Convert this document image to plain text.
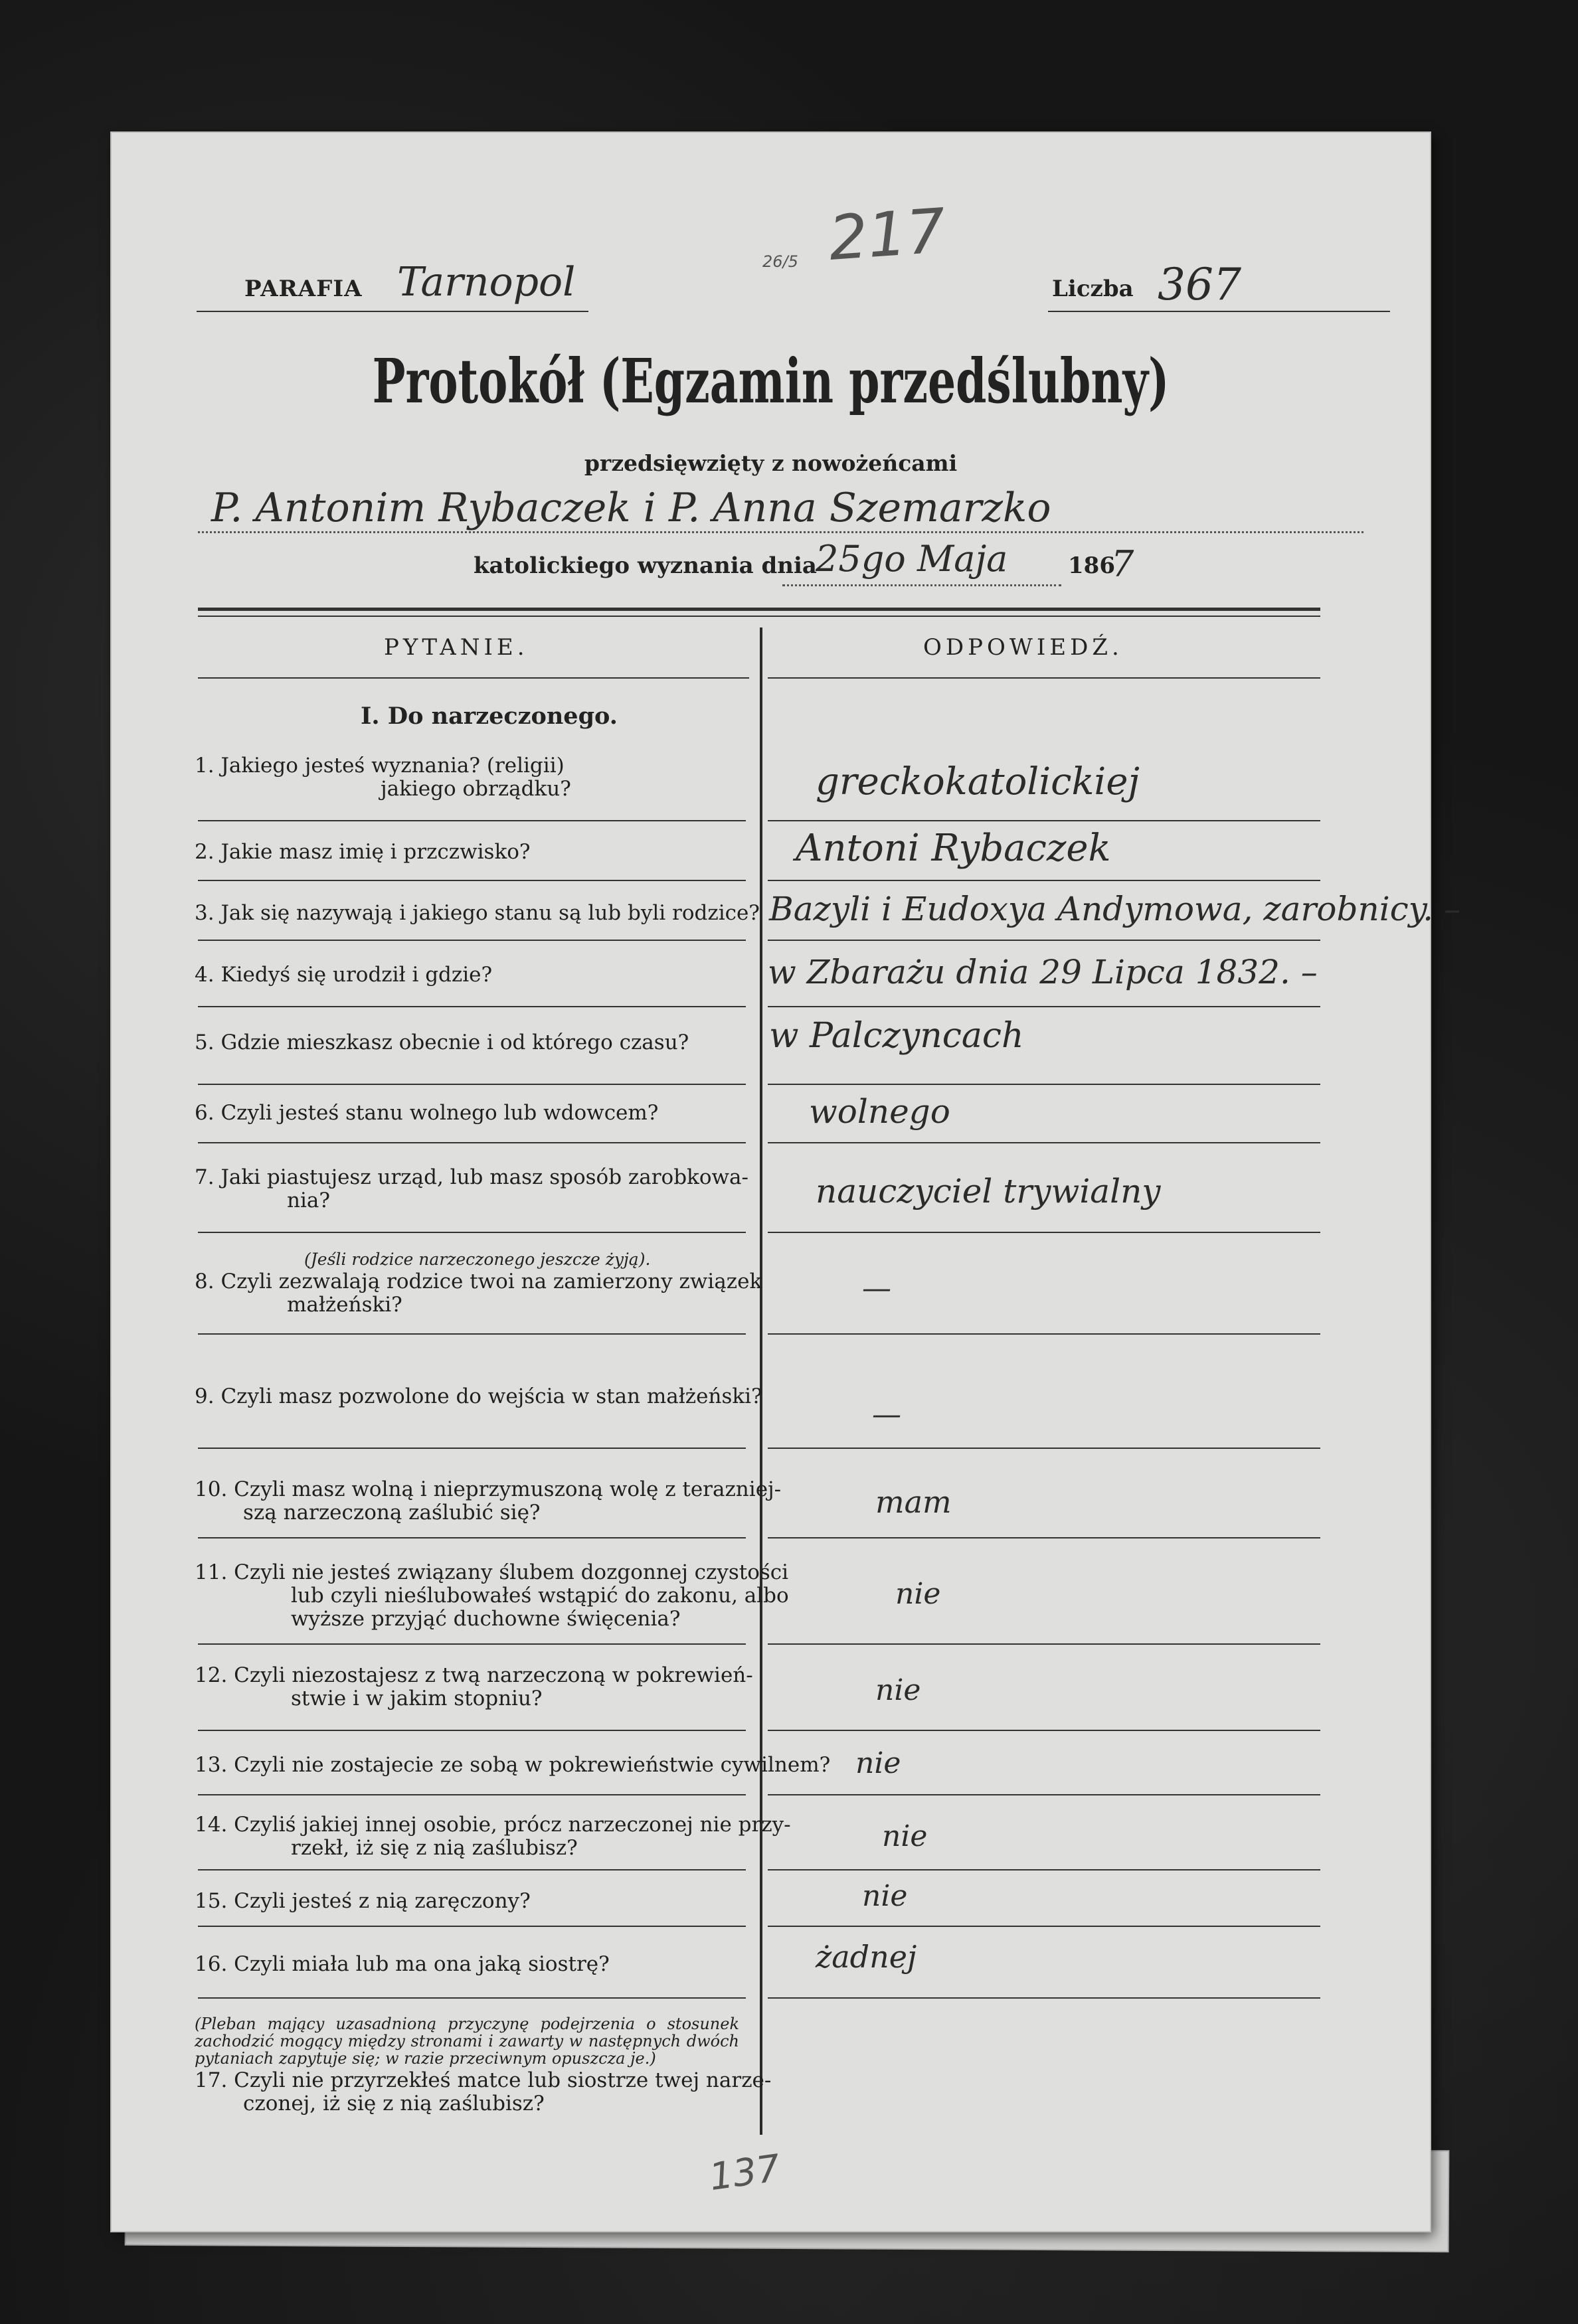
217
26/5
PARAFIA Tarnopol	Liczba 367
Protokół (Egzamin przedślubny)
przedsięwzięty z nowożeńcami
P. Antonim Rybaczek i P. Anna Szemarzko
katolickiego wyznania dnia
25go Maja	186
7
PYTANIE.	ODPOWIEDŹ.
I. Do narzeczonego.
1. Jakiego jesteś wyznania? (religii)
jakiego obrządku?	greckokatolickiej
2. Jakie masz imię i przczwisko?	Antoni Rybaczek
3. Jak się nazywają i jakiego stanu są lub byli rodzice? Bazyli i Eudoxya Andymowa, zarobnicy. –
4. Kiedyś się urodził i gdzie?	w Zbarażu dnia 29 Lipca 1832. –
5. Gdzie mieszkasz obecnie i od którego czasu? w Palczyncach
6. Czyli jesteś stanu wolnego lub wdowcem?	wolnego
7. Jaki piastujesz urząd, lub masz sposób zarobkowa-
nia?	nauczyciel trywialny
(Jeśli rodzice narzeczonego jeszcze żyją).
8. Czyli zezwalają rodzice twoi na zamierzony związek
małżeński?	—
9. Czyli masz pozwolone do wejścia w stan małżeński?
—
10. Czyli masz wolną i nieprzymuszoną wolę z terazniej-
szą narzeczoną zaślubić się?	mam
11. Czyli nie jesteś związany ślubem dozgonnej czystości
lub czyli nieślubowałeś wstąpić do zakonu, albo
wyższe przyjąć duchowne święcenia?
nie
12. Czyli niezostajesz z twą narzeczoną w pokrewień-
stwie i w jakim stopniu?	nie
13. Czyli nie zostajecie ze sobą w pokrewieństwie cywilnem? nie
14. Czyliś jakiej innej osobie, prócz narzeczonej nie przy-
rzekł, iż się z nią zaślubisz?	nie
15. Czyli jesteś z nią zaręczony?	nie
16. Czyli miała lub ma ona jaką siostrę?	żadnej
(Pleban mający uzasadnioną przyczynę podejrzenia o stosunek zachodzić mogący między stronami i zawarty w następnych dwóch pytaniach zapytuje się; w razie przeciwnym opuszcza je.)
17. Czyli nie przyrzekłeś matce lub siostrze twej narze-
czonej, iż się z nią zaślubisz?
137
